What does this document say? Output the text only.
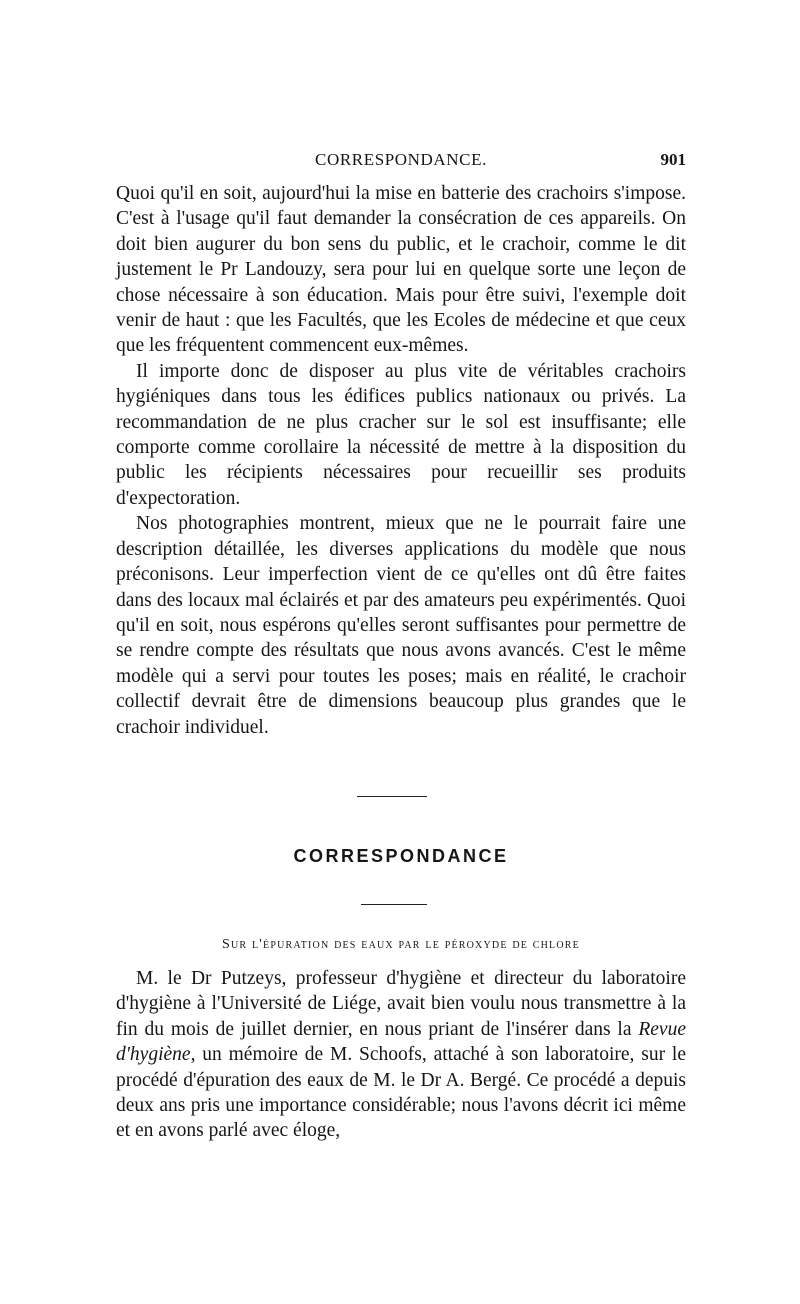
CORRESPONDANCE.	901

Quoi qu'il en soit, aujourd'hui la mise en batterie des crachoirs s'impose. C'est à l'usage qu'il faut demander la consécration de ces appareils. On doit bien augurer du bon sens du public, et le crachoir, comme le dit justement le Pr Landouzy, sera pour lui en quelque sorte une leçon de chose nécessaire à son éducation. Mais pour être suivi, l'exemple doit venir de haut : que les Facultés, que les Ecoles de médecine et que ceux que les fréquentent commencent eux-mêmes.

Il importe donc de disposer au plus vite de véritables crachoirs hygiéniques dans tous les édifices publics nationaux ou privés. La recommandation de ne plus cracher sur le sol est insuffisante; elle comporte comme corollaire la nécessité de mettre à la disposition du public les récipients nécessaires pour recueillir ses produits d'expectoration.

Nos photographies montrent, mieux que ne le pourrait faire une description détaillée, les diverses applications du modèle que nous préconisons. Leur imperfection vient de ce qu'elles ont dû être faites dans des locaux mal éclairés et par des amateurs peu expérimentés. Quoi qu'il en soit, nous espérons qu'elles seront suffisantes pour permettre de se rendre compte des résultats que nous avons avancés. C'est le même modèle qui a servi pour toutes les poses; mais en réalité, le crachoir collectif devrait être de dimensions beaucoup plus grandes que le crachoir individuel.

CORRESPONDANCE
Sur l'épuration des eaux par le péroxyde de chlore

M. le Dr Putzeys, professeur d'hygiène et directeur du laboratoire d'hygiène à l'Université de Liége, avait bien voulu nous transmettre à la fin du mois de juillet dernier, en nous priant de l'insérer dans la Revue d'hygiène, un mémoire de M. Schoofs, attaché à son laboratoire, sur le procédé d'épuration des eaux de M. le Dr A. Bergé. Ce procédé a depuis deux ans pris une importance considérable; nous l'avons décrit ici même et en avons parlé avec éloge,
